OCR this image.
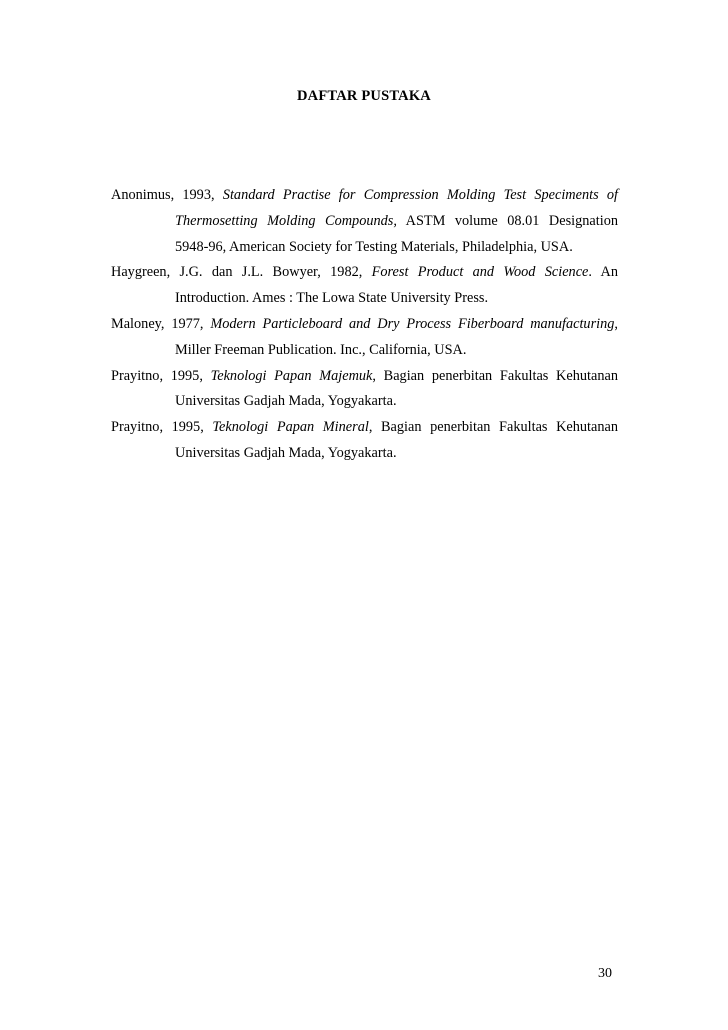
DAFTAR PUSTAKA
Anonimus, 1993, Standard Practise for Compression Molding Test Speciments of Thermosetting Molding Compounds, ASTM volume 08.01 Designation 5948-96, American Society for Testing Materials, Philadelphia, USA.
Haygreen, J.G. dan J.L. Bowyer, 1982, Forest Product and Wood Science. An Introduction. Ames : The Lowa State University Press.
Maloney, 1977, Modern Particleboard and Dry Process Fiberboard manufacturing, Miller Freeman Publication. Inc., California, USA.
Prayitno, 1995, Teknologi Papan Majemuk, Bagian penerbitan Fakultas Kehutanan Universitas Gadjah Mada, Yogyakarta.
Prayitno, 1995, Teknologi Papan Mineral, Bagian penerbitan Fakultas Kehutanan Universitas Gadjah Mada, Yogyakarta.

30
